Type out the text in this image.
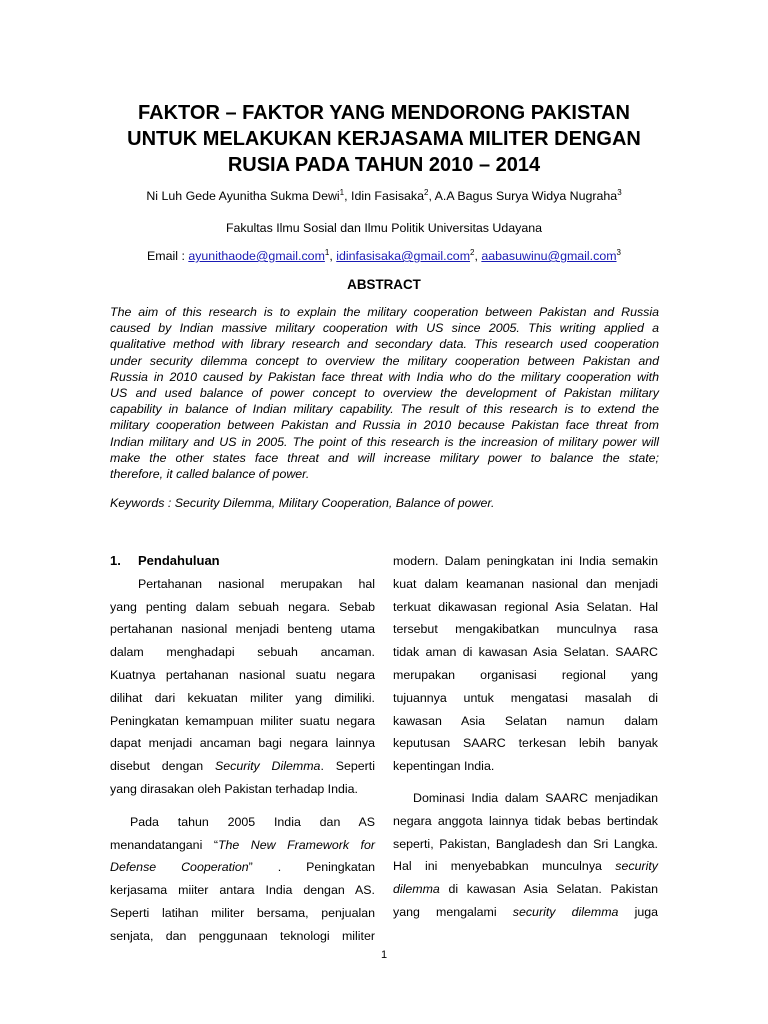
FAKTOR – FAKTOR YANG MENDORONG PAKISTAN
UNTUK MELAKUKAN KERJASAMA MILITER DENGAN
RUSIA PADA TAHUN 2010 – 2014
Ni Luh Gede Ayunitha Sukma Dewi$^1$, Idin Fasisaka$^2$, A.A Bagus Surya Widya Nugraha$^3$
Fakultas Ilmu Sosial dan Ilmu Politik Universitas Udayana
Email : ayunithaode@gmail.com$^1$, idinfasisaka@gmail.com$^2$, aabasuwinu@gmail.com$^3$
ABSTRACT
The aim of this research is to explain the military cooperation between Pakistan and Russia
caused by Indian massive military cooperation with US since 2005. This writing applied a
qualitative method with library research and secondary data. This research used cooperation
under security dilemma concept to overview the military cooperation between Pakistan and
Russia in 2010 caused by Pakistan face threat with India who do the military cooperation with
US and used balance of power concept to overview the development of Pakistan military
capability in balance of Indian military capability. The result of this research is to extend the
military cooperation between Pakistan and Russia in 2010 because Pakistan face threat from
Indian military and US in 2005. The point of this research is the increasion of military power will
make the other states face threat and will increase military power to balance the state;
therefore, it called balance of power.
Keywords : Security Dilemma, Military Cooperation, Balance of power.
1. Pendahuluan
Pertahanan nasional merupakan hal
yang penting dalam sebuah negara. Sebab
pertahanan nasional menjadi benteng utama
dalam menghadapi sebuah ancaman.
Kuatnya pertahanan nasional suatu negara
dilihat dari kekuatan militer yang dimiliki.
Peningkatan kemampuan militer suatu negara
dapat menjadi ancaman bagi negara lainnya
disebut dengan Security Dilemma. Seperti
yang dirasakan oleh Pakistan terhadap India.
Pada tahun 2005 India dan AS
menandatangani “The New Framework for
Defense Cooperation” . Peningkatan
kerjasama miiter antara India dengan AS.
Seperti latihan militer bersama, penjualan
senjata, dan penggunaan teknologi militer
modern. Dalam peningkatan ini India semakin
kuat dalam keamanan nasional dan menjadi
terkuat dikawasan regional Asia Selatan. Hal
tersebut mengakibatkan munculnya rasa
tidak aman di kawasan Asia Selatan. SAARC
merupakan organisasi regional yang
tujuannya untuk mengatasi masalah di
kawasan Asia Selatan namun dalam
keputusan SAARC terkesan lebih banyak
kepentingan India.
Dominasi India dalam SAARC menjadikan
negara anggota lainnya tidak bebas bertindak
seperti, Pakistan, Bangladesh dan Sri Langka.
Hal ini menyebabkan munculnya security
dilemma di kawasan Asia Selatan. Pakistan
yang mengalami security dilemma juga
1
